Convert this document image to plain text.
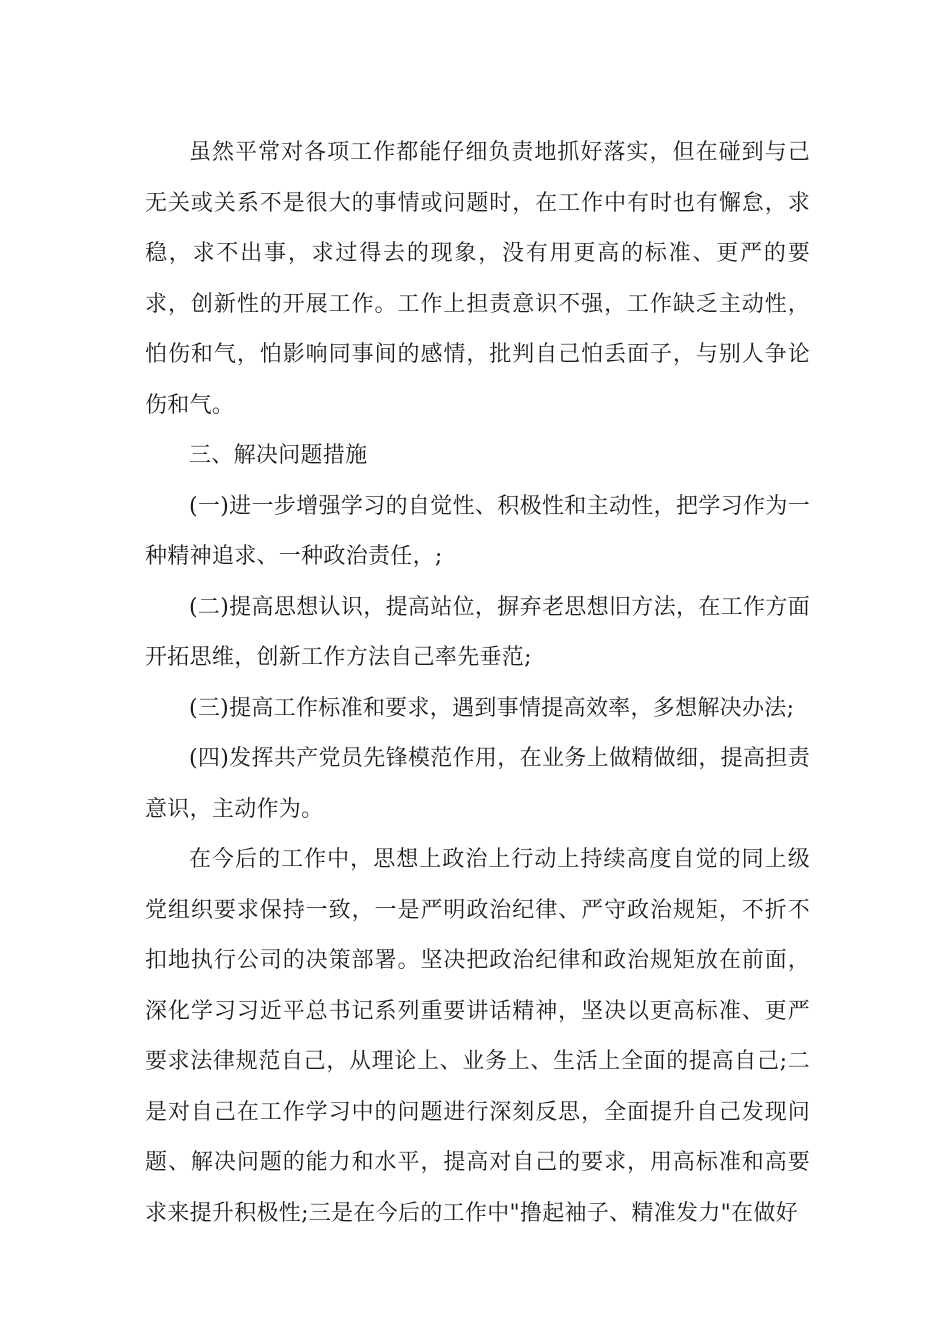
虽然平常对各项工作都能仔细负责地抓好落实，但在碰到与己无关或关系不是很大的事情或问题时，在工作中有时也有懈怠，求稳，求不出事，求过得去的现象，没有用更高的标准、更严的要求，创新性的开展工作。工作上担责意识不强，工作缺乏主动性，怕伤和气，怕影响同事间的感情，批判自己怕丢面子，与别人争论伤和气。

三、解决问题措施

(一)进一步增强学习的自觉性、积极性和主动性，把学习作为一种精神追求、一种政治责任，;

(二)提高思想认识，提高站位，摒弃老思想旧方法，在工作方面开拓思维，创新工作方法自己率先垂范;

(三)提高工作标准和要求，遇到事情提高效率，多想解决办法;

(四)发挥共产党员先锋模范作用，在业务上做精做细，提高担责意识，主动作为。

在今后的工作中，思想上政治上行动上持续高度自觉的同上级党组织要求保持一致，一是严明政治纪律、严守政治规矩，不折不扣地执行公司的决策部署。坚决把政治纪律和政治规矩放在前面，深化学习习近平总书记系列重要讲话精神，坚决以更高标准、更严要求法律规范自己，从理论上、业务上、生活上全面的提高自己;二是对自己在工作学习中的问题进行深刻反思，全面提升自己发现问题、解决问题的能力和水平，提高对自己的要求，用高标准和高要求来提升积极性;三是在今后的工作中"撸起袖子、精准发力"在做好
